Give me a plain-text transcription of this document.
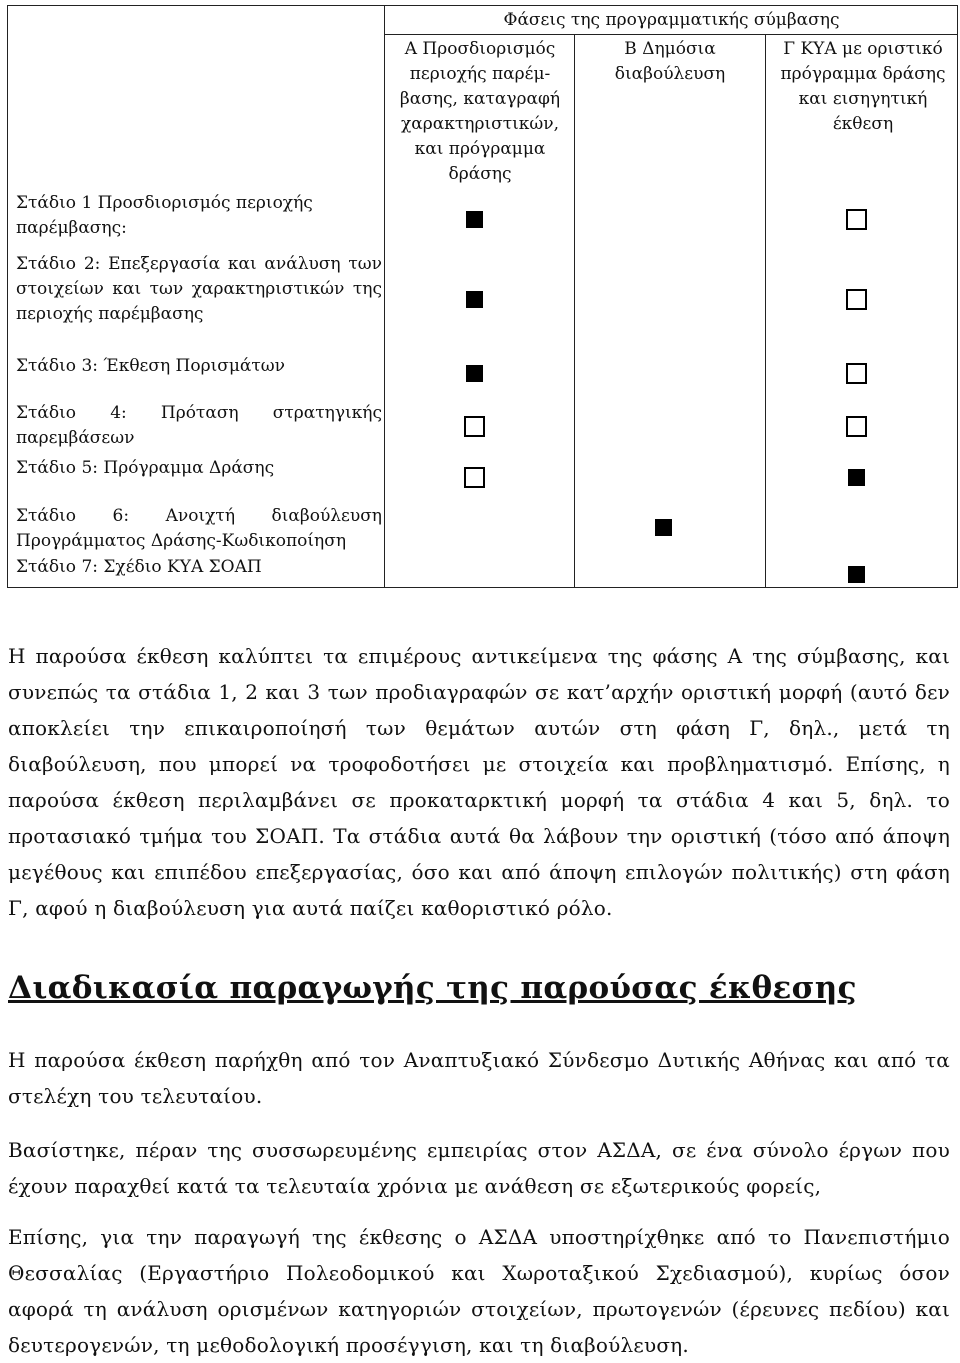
Φάσεις της προγραμματικής σύμβασης
Α Προσδιορισμός περιοχής παρέμ-βασης, καταγραφή χαρακτηριστικών, και πρόγραμμα δράσης
Β Δημόσια διαβούλευση
Γ ΚΥΑ με οριστικό πρόγραμμα δράσης και εισηγητική έκθεση
Στάδιο 1 Προσδιορισμός περιοχής παρέμβασης:
Στάδιο 2: Επεξεργασία και ανάλυση των στοιχείων και των χαρακτηριστικών της περιοχής παρέμβασης
Στάδιο 3: Έκθεση Πορισμάτων
Στάδιο 4: Πρόταση στρατηγικής παρεμβάσεων
Στάδιο 5: Πρόγραμμα Δράσης
Στάδιο 6: Ανοιχτή διαβούλευση Προγράμματος Δράσης-Κωδικοποίηση
Στάδιο 7: Σχέδιο ΚΥΑ ΣΟΑΠ

Η παρούσα έκθεση καλύπτει τα επιμέρους αντικείμενα της φάσης Α της σύμβασης, και συνεπώς τα στάδια 1, 2 και 3 των προδιαγραφών σε κατ’αρχήν οριστική μορφή (αυτό δεν αποκλείει την επικαιροποίησή των θεμάτων αυτών στη φάση Γ, δηλ., μετά τη διαβούλευση, που μπορεί να τροφοδοτήσει με στοιχεία και προβληματισμό. Επίσης, η παρούσα έκθεση περιλαμβάνει σε προκαταρκτική μορφή τα στάδια 4 και 5, δηλ. το προτασιακό τμήμα του ΣΟΑΠ. Τα στάδια αυτά θα λάβουν την οριστική (τόσο από άποψη μεγέθους και επιπέδου επεξεργασίας, όσο και από άποψη επιλογών πολιτικής) στη φάση Γ, αφού η διαβούλευση για αυτά παίζει καθοριστικό ρόλο.

Διαδικασία παραγωγής της παρούσας έκθεσης

Η παρούσα έκθεση παρήχθη από τον Αναπτυξιακό Σύνδεσμο Δυτικής Αθήνας και από τα στελέχη του τελευταίου.

Βασίστηκε, πέραν της συσσωρευμένης εμπειρίας στον ΑΣΔΑ, σε ένα σύνολο έργων που έχουν παραχθεί κατά τα τελευταία χρόνια με ανάθεση σε εξωτερικούς φορείς,

Επίσης, για την παραγωγή της έκθεσης ο ΑΣΔΑ υποστηρίχθηκε από το Πανεπιστήμιο Θεσσαλίας (Εργαστήριο Πολεοδομικού και Χωροταξικού Σχεδιασμού), κυρίως όσον αφορά τη ανάλυση ορισμένων κατηγοριών στοιχείων, πρωτογενών (έρευνες πεδίου) και δευτερογενών, τη μεθοδολογική προσέγγιση, και τη διαβούλευση.
